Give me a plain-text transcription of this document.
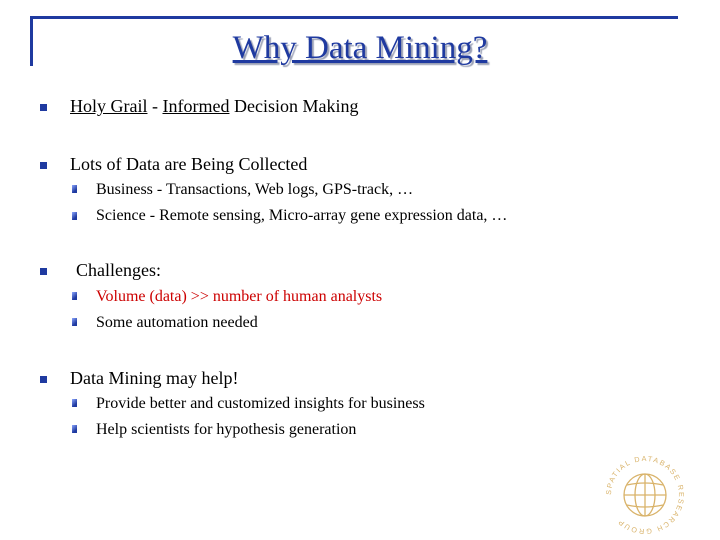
Why Data Mining?
Holy Grail - Informed Decision Making
Lots of Data are Being Collected
Business - Transactions, Web logs, GPS-track, …
Science - Remote sensing, Micro-array gene expression data, …
Challenges:
Volume (data) >> number of human analysts
Some automation needed
Data Mining may help!
Provide better and customized insights for business
Help scientists for hypothesis generation
SPATIAL DATABASE RESEARCH GROUP
